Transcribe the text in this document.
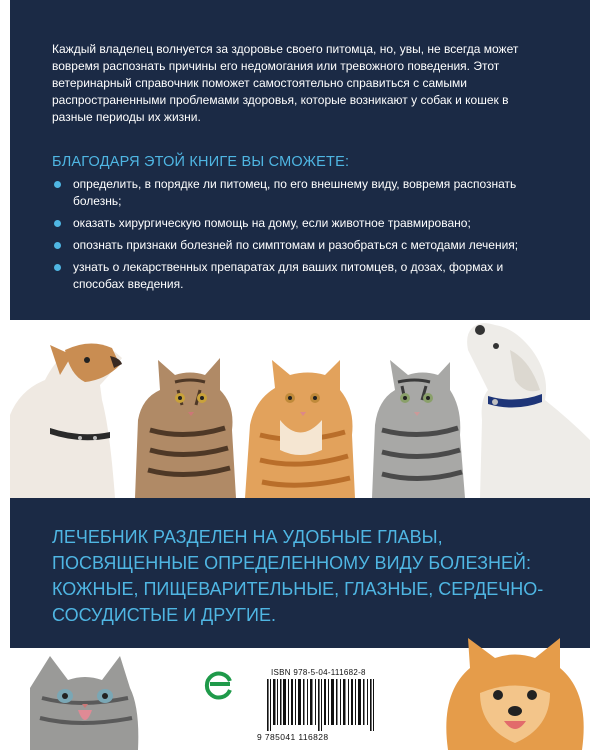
Каждый владелец волнуется за здоровье своего питомца, но, увы, не всегда может вовремя распознать причины его недомогания или тревожного поведения. Этот ветеринарный справочник поможет самостоятельно справиться с самыми распространенными проблемами здоровья, которые возникают у собак и кошек в разные периоды их жизни.

БЛАГОДАРЯ ЭТОЙ КНИГЕ ВЫ СМОЖЕТЕ:
определить, в порядке ли питомец, по его внешнему виду, вовремя распознать болезнь;
оказать хирургическую помощь на дому, если животное травмировано;
опознать признаки болезней по симптомам и разобраться с методами лечения;
узнать о лекарственных препаратах для ваших питомцев, о дозах, формах и способах введения.

ЛЕЧЕБНИК РАЗДЕЛЕН НА УДОБНЫЕ ГЛАВЫ, ПОСВЯЩЕННЫЕ ОПРЕДЕЛЕННОМУ ВИДУ БОЛЕЗНЕЙ: КОЖНЫЕ, ПИЩЕВАРИТЕЛЬНЫЕ, ГЛАЗНЫЕ, СЕРДЕЧНО-СОСУДИСТЫЕ И ДРУГИЕ.

ISBN 978-5-04-111682-8

9 785041 116828
